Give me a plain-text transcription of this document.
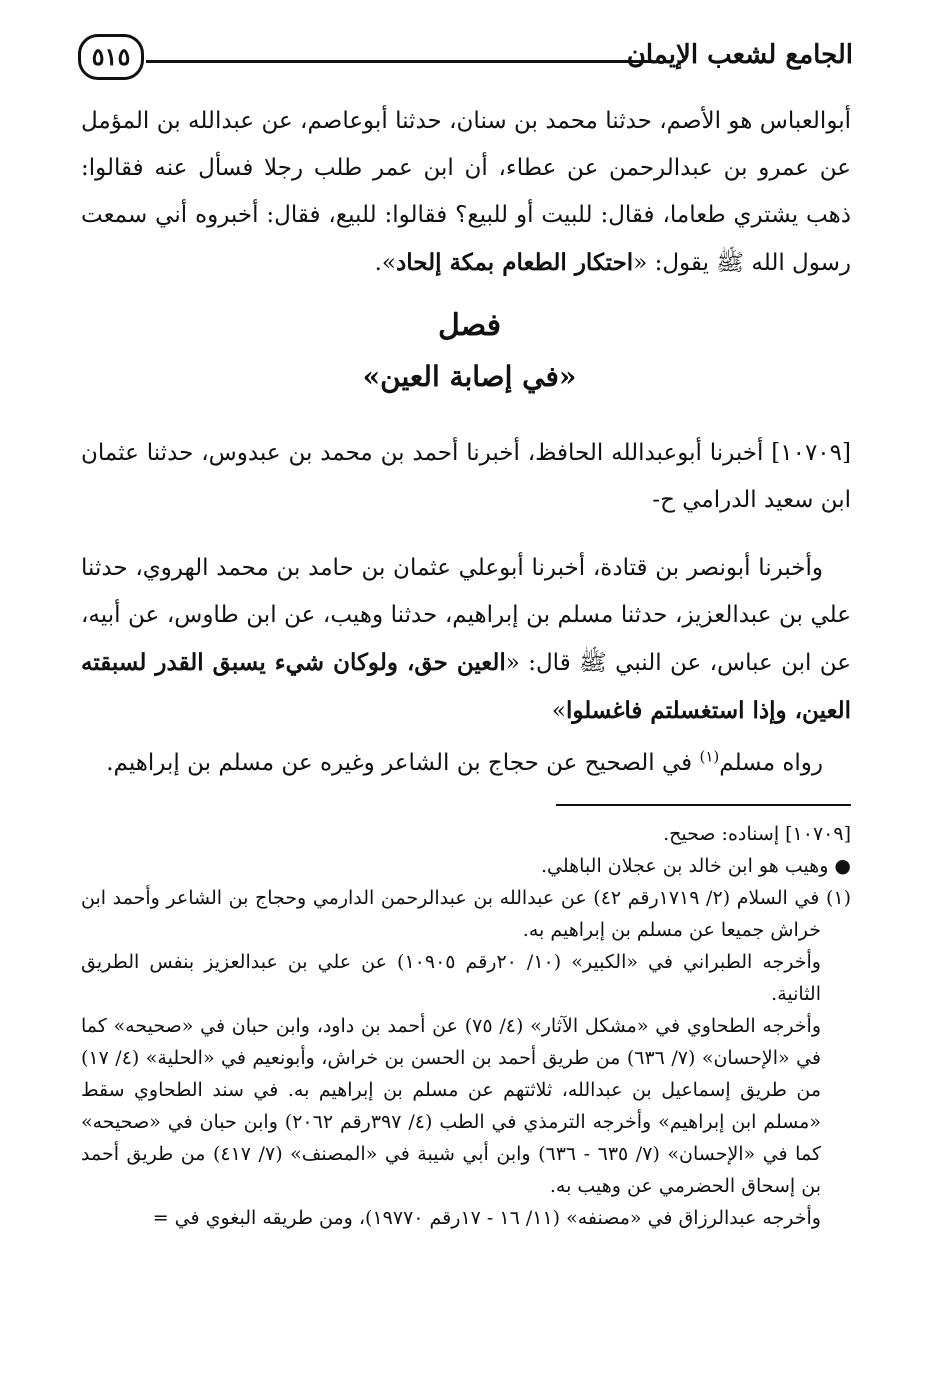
الجامع لشعب الإيمان
٥١٥
أبوالعباس هو الأصم، حدثنا محمد بن سنان، حدثنا أبوعاصم، عن عبدالله بن المؤمل عن عمرو بن عبدالرحمن عن عطاء، أن ابن عمر طلب رجلا فسأل عنه فقالوا: ذهب يشتري طعاما، فقال: للبيت أو للبيع؟ فقالوا: للبيع، فقال: أخبروه أني سمعت رسول الله ﷺ يقول: «احتكار الطعام بمكة إلحاد».
فصل
«في إصابة العين»
[١٠٧٠٩] أخبرنا أبوعبدالله الحافظ، أخبرنا أحمد بن محمد بن عبدوس، حدثنا عثمان ابن سعيد الدرامي ح-
وأخبرنا أبونصر بن قتادة، أخبرنا أبوعلي عثمان بن حامد بن محمد الهروي، حدثنا علي بن عبدالعزيز، حدثنا مسلم بن إبراهيم، حدثنا وهيب، عن ابن طاوس، عن أبيه، عن ابن عباس، عن النبي ﷺ قال: «العين حق، ولوكان شيء يسبق القدر لسبقته العين، وإذا استغسلتم فاغسلوا»
رواه مسلم$^{(١)}$ في الصحيح عن حجاج بن الشاعر وغيره عن مسلم بن إبراهيم.

[١٠٧٠٩] إسناده: صحيح.

● وهيب هو ابن خالد بن عجلان الباهلي.

(١) في السلام (٢/ ١٧١٩رقم ٤٢) عن عبدالله بن عبدالرحمن الدارمي وحجاج بن الشاعر وأحمد ابن خراش جميعا عن مسلم بن إبراهيم به.

وأخرجه الطبراني في «الكبير» (١٠/ ٢٠رقم ١٠٩٠٥) عن علي بن عبدالعزيز بنفس الطريق الثانية.

وأخرجه الطحاوي في «مشكل الآثار» (٤/ ٧٥) عن أحمد بن داود، وابن حبان في «صحيحه» كما في «الإحسان» (٧/ ٦٣٦) من طريق أحمد بن الحسن بن خراش، وأبونعيم في «الحلية» (٤/ ١٧) من طريق إسماعيل بن عبدالله، ثلاثتهم عن مسلم بن إبراهيم به. في سند الطحاوي سقط «مسلم ابن إبراهيم» وأخرجه الترمذي في الطب (٤/ ٣٩٧رقم ٢٠٦٢) وابن حبان في «صحيحه» كما في «الإحسان» (٧/ ٦٣٥ - ٦٣٦) وابن أبي شيبة في «المصنف» (٧/ ٤١٧) من طريق أحمد بن إسحاق الحضرمي عن وهيب به.

وأخرجه عبدالرزاق في «مصنفه» (١١/ ١٦ - ١٧رقم ١٩٧٧٠)، ومن طريقه البغوي في =
